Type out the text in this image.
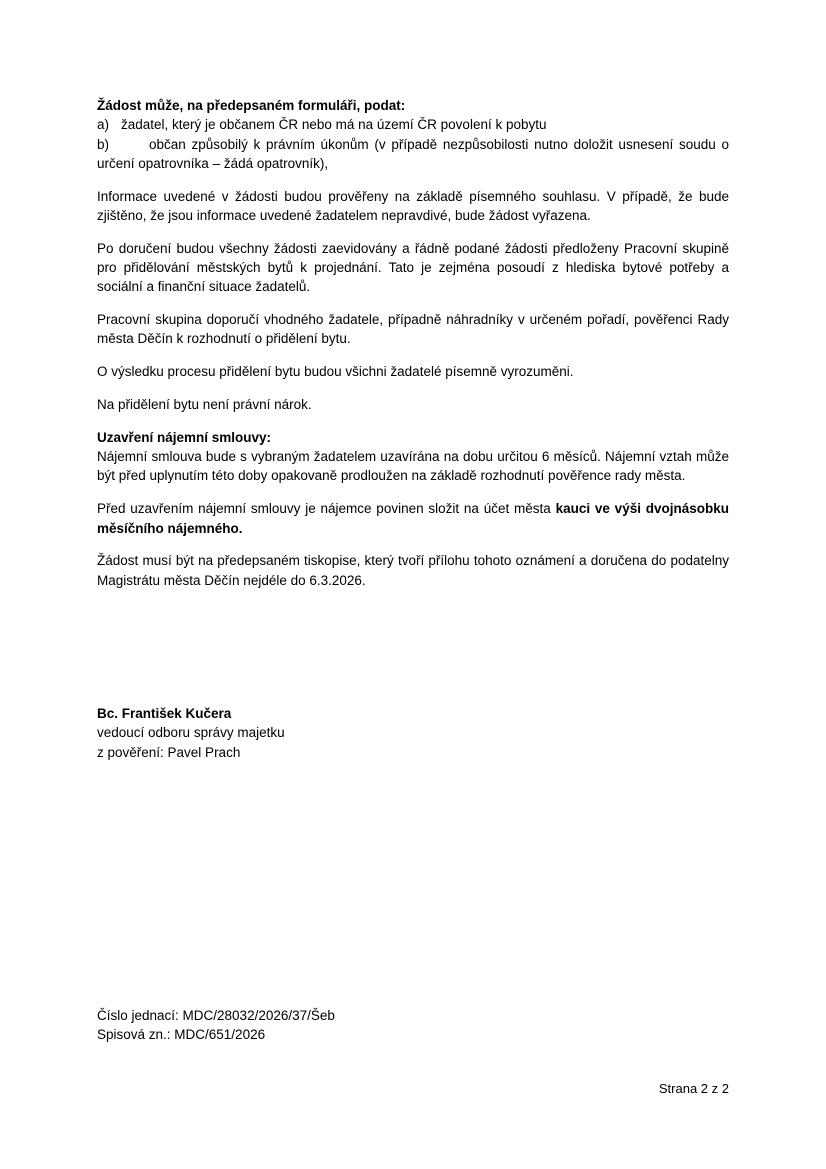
Žádost může, na předepsaném formuláři, podat:

a) žadatel, který je občanem ČR nebo má na území ČR povolení k pobytu

b)	občan způsobilý k právním úkonům (v případě nezpůsobilosti nutno doložit usnesení soudu o určení opatrovníka – žádá opatrovník),

Informace uvedené v žádosti budou prověřeny na základě písemného souhlasu. V případě, že bude zjištěno, že jsou informace uvedené žadatelem nepravdivé, bude žádost vyřazena.

Po doručení budou všechny žádosti zaevidovány a řádně podané žádosti předloženy Pracovní skupině pro přidělování městských bytů k projednání. Tato je zejména posoudí z hlediska bytové potřeby a sociální a finanční situace žadatelů.

Pracovní skupina doporučí vhodného žadatele, případně náhradníky v určeném pořadí, pověřenci Rady města Děčín k rozhodnutí o přidělení bytu.

O výsledku procesu přidělení bytu budou všichni žadatelé písemně vyrozuměni.

Na přidělení bytu není právní nárok.

Uzavření nájemní smlouvy:

Nájemní smlouva bude s vybraným žadatelem uzavírána na dobu určitou 6 měsíců. Nájemní vztah může být před uplynutím této doby opakovaně prodloužen na základě rozhodnutí pověřence rady města.

Před uzavřením nájemní smlouvy je nájemce povinen složit na účet města kauci ve výši dvojnásobku měsíčního nájemného.

Žádost musí být na předepsaném tiskopise, který tvoří přílohu tohoto oznámení a doručena do podatelny Magistrátu města Děčín nejdéle do 6.3.2026.

Bc. František Kučera

vedoucí odboru správy majetku

z pověření: Pavel Prach

Číslo jednací: MDC/28032/2026/37/Šeb

Spisová zn.: MDC/651/2026

Strana 2 z 2
